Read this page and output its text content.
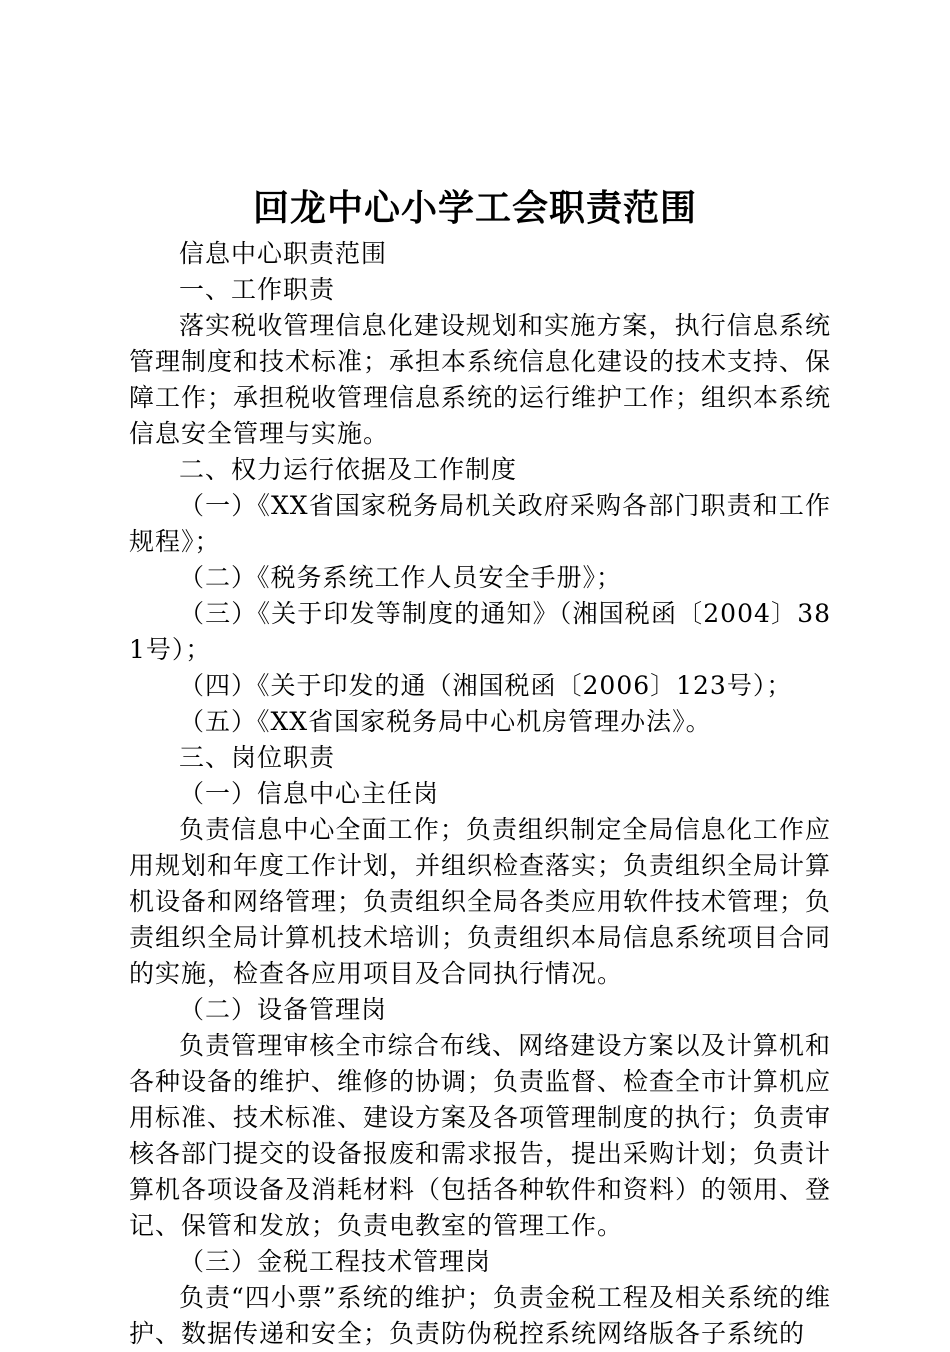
回龙中心小学工会职责范围

信息中心职责范围

一、工作职责

落实税收管理信息化建设规划和实施方案，执行信息系统管理制度和技术标准；承担本系统信息化建设的技术支持、保障工作；承担税收管理信息系统的运行维护工作；组织本系统信息安全管理与实施。

二、权力运行依据及工作制度

（一）《XX省国家税务局机关政府采购各部门职责和工作规程》；

（二）《税务系统工作人员安全手册》；

（三）《关于印发等制度的通知》（湘国税函〔2004〕381号）；

（四）《关于印发的通（湘国税函〔2006〕123号）；

（五）《XX省国家税务局中心机房管理办法》。

三、岗位职责

（一）信息中心主任岗

负责信息中心全面工作；负责组织制定全局信息化工作应用规划和年度工作计划，并组织检查落实；负责组织全局计算机设备和网络管理；负责组织全局各类应用软件技术管理；负责组织全局计算机技术培训；负责组织本局信息系统项目合同的实施，检查各应用项目及合同执行情况。

（二）设备管理岗

负责管理审核全市综合布线、网络建设方案以及计算机和各种设备的维护、维修的协调；负责监督、检查全市计算机应用标准、技术标准、建设方案及各项管理制度的执行；负责审核各部门提交的设备报废和需求报告，提出采购计划；负责计算机各项设备及消耗材料（包括各种软件和资料）的领用、登记、保管和发放；负责电教室的管理工作。

（三）金税工程技术管理岗

负责“四小票”系统的维护；负责金税工程及相关系统的维护、数据传递和安全；负责防伪税控系统网络版各子系统的
